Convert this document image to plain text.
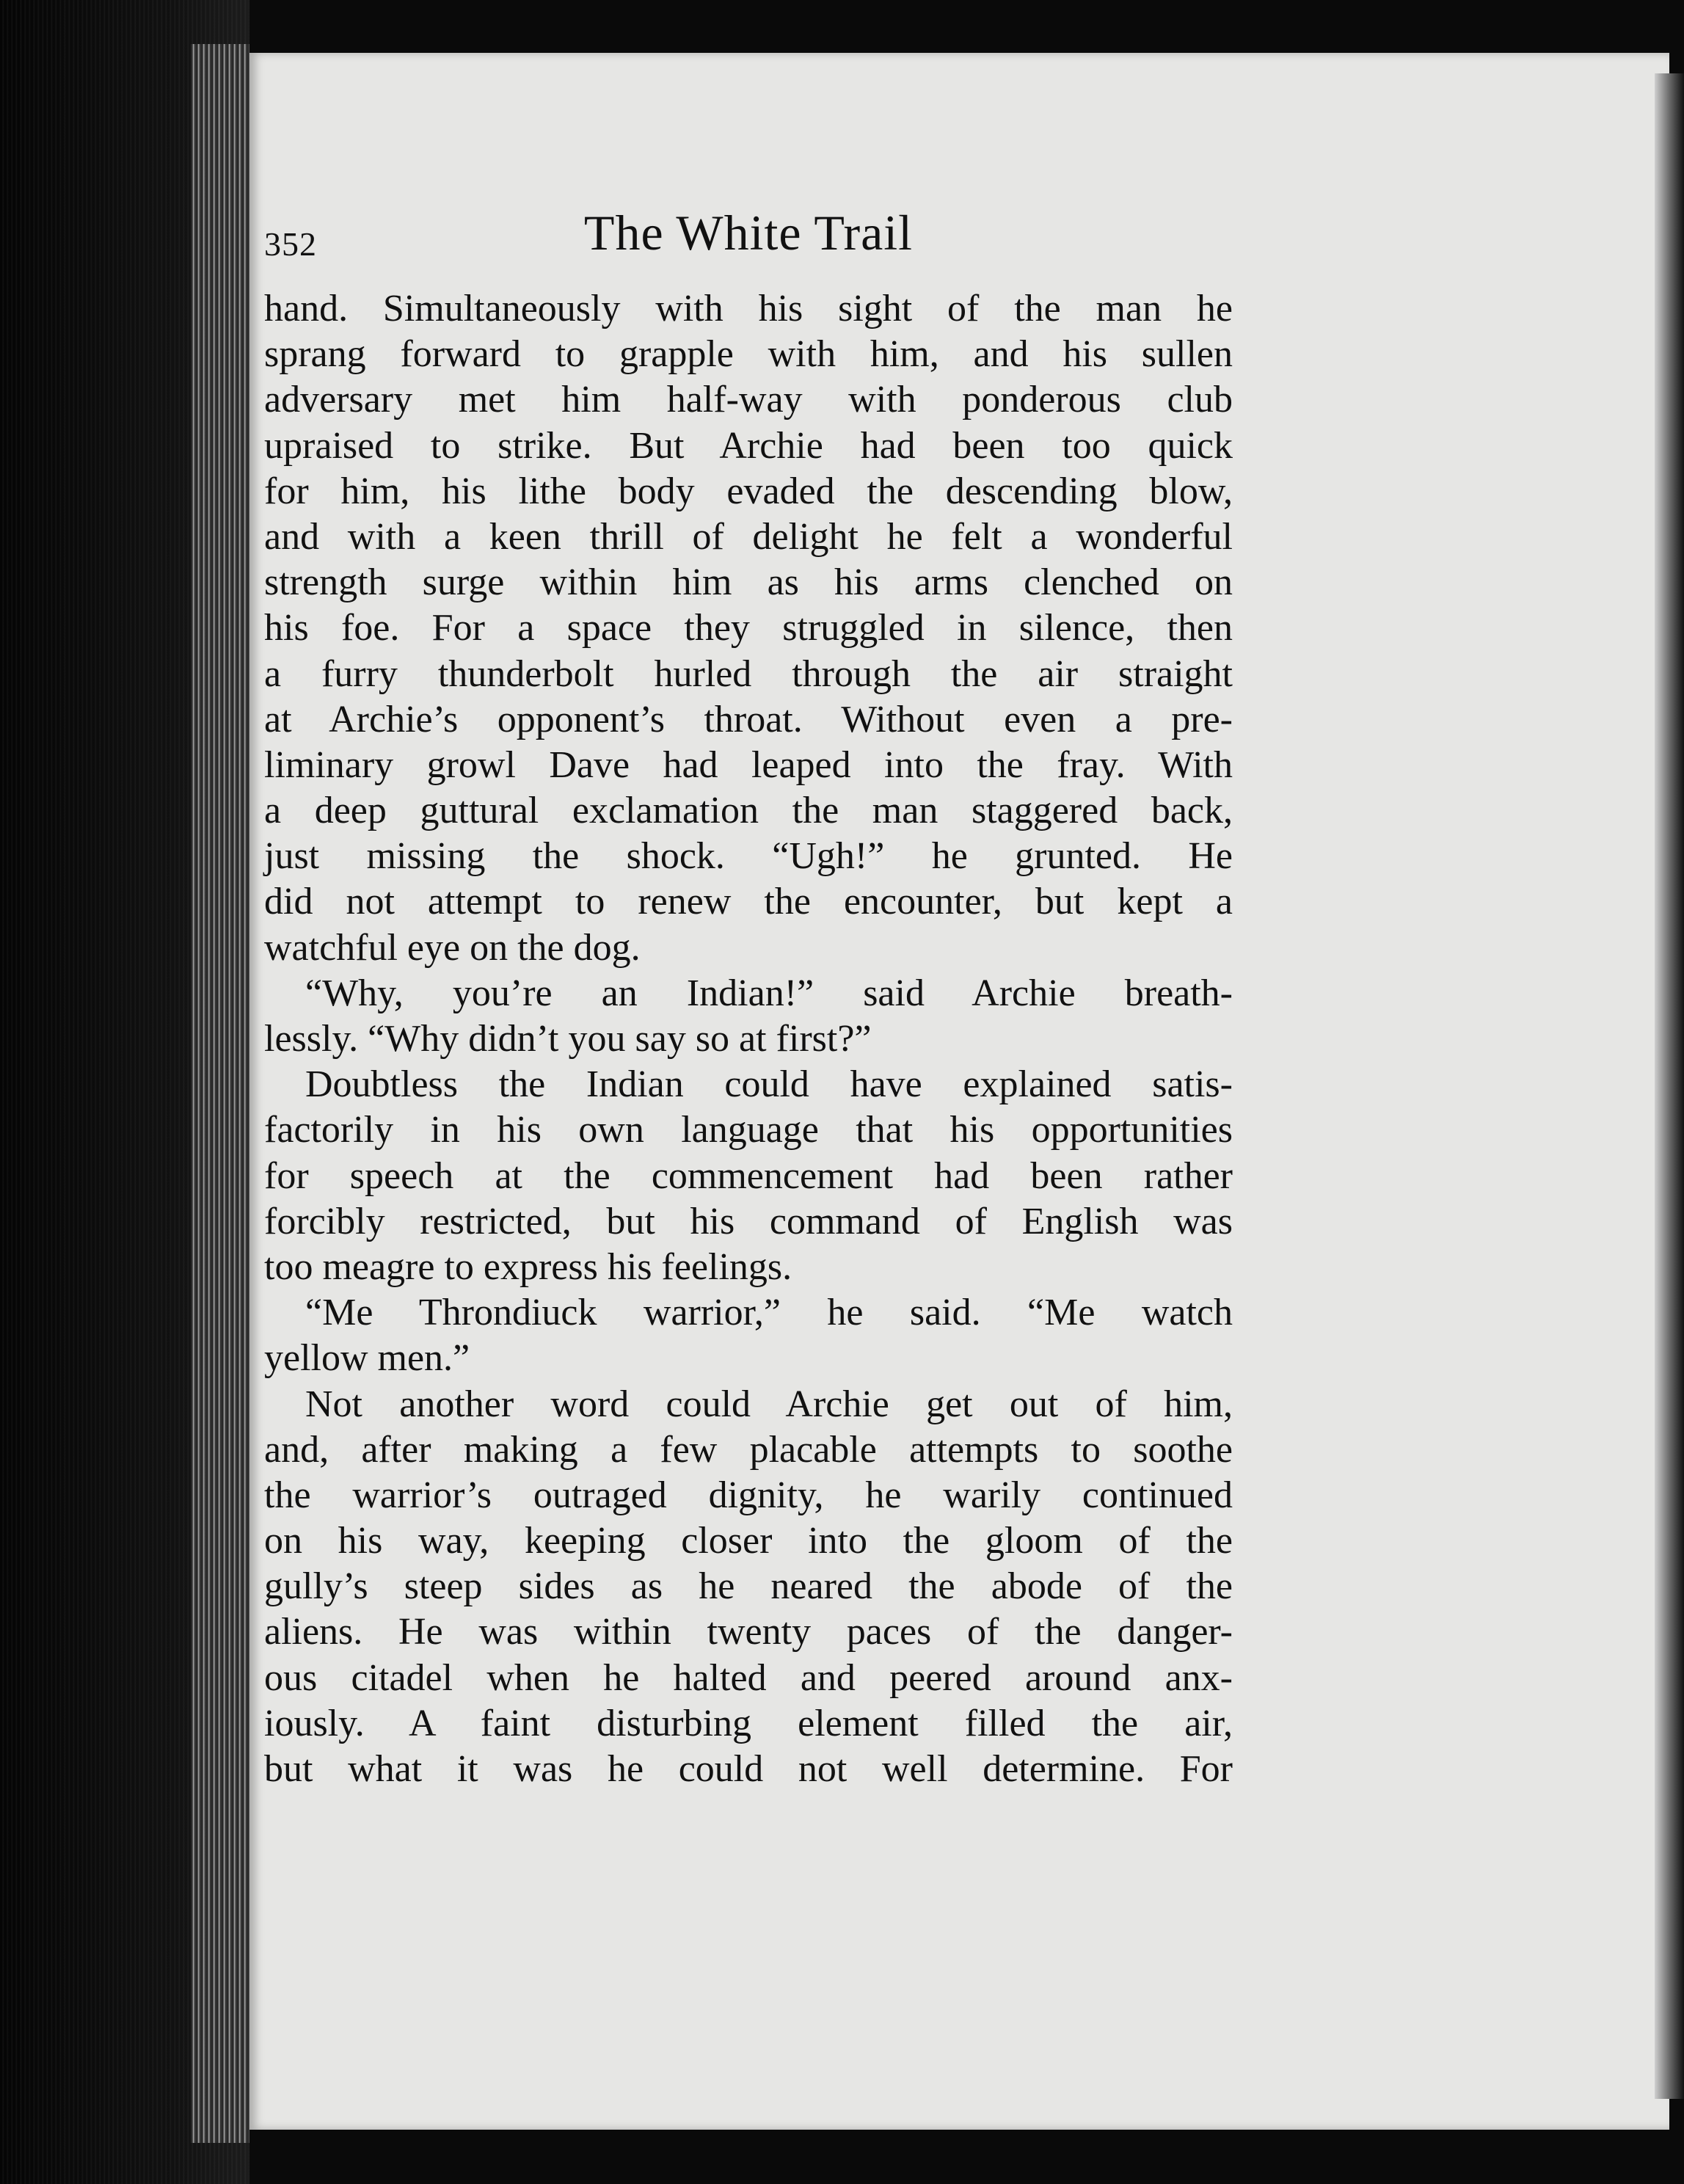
352	The White Trail
hand. Simultaneously with his sight of the man he
sprang forward to grapple with him, and his sullen
adversary met him half-way with ponderous club
upraised to strike. But Archie had been too quick
for him, his lithe body evaded the descending blow,
and with a keen thrill of delight he felt a wonderful
strength surge within him as his arms clenched on
his foe. For a space they struggled in silence, then
a furry thunderbolt hurled through the air straight
at Archie’s opponent’s throat. Without even a pre-
liminary growl Dave had leaped into the fray. With
a deep guttural exclamation the man staggered back,
just missing the shock. “Ugh!” he grunted. He
did not attempt to renew the encounter, but kept a
watchful eye on the dog.
“Why, you’re an Indian!” said Archie breath-
lessly. “Why didn’t you say so at first?”
Doubtless the Indian could have explained satis-
factorily in his own language that his opportunities
for speech at the commencement had been rather
forcibly restricted, but his command of English was
too meagre to express his feelings.
“Me Throndiuck warrior,” he said. “Me watch
yellow men.”
Not another word could Archie get out of him,
and, after making a few placable attempts to soothe
the warrior’s outraged dignity, he warily continued
on his way, keeping closer into the gloom of the
gully’s steep sides as he neared the abode of the
aliens. He was within twenty paces of the danger-
ous citadel when he halted and peered around anx-
iously. A faint disturbing element filled the air,
but what it was he could not well determine. For
